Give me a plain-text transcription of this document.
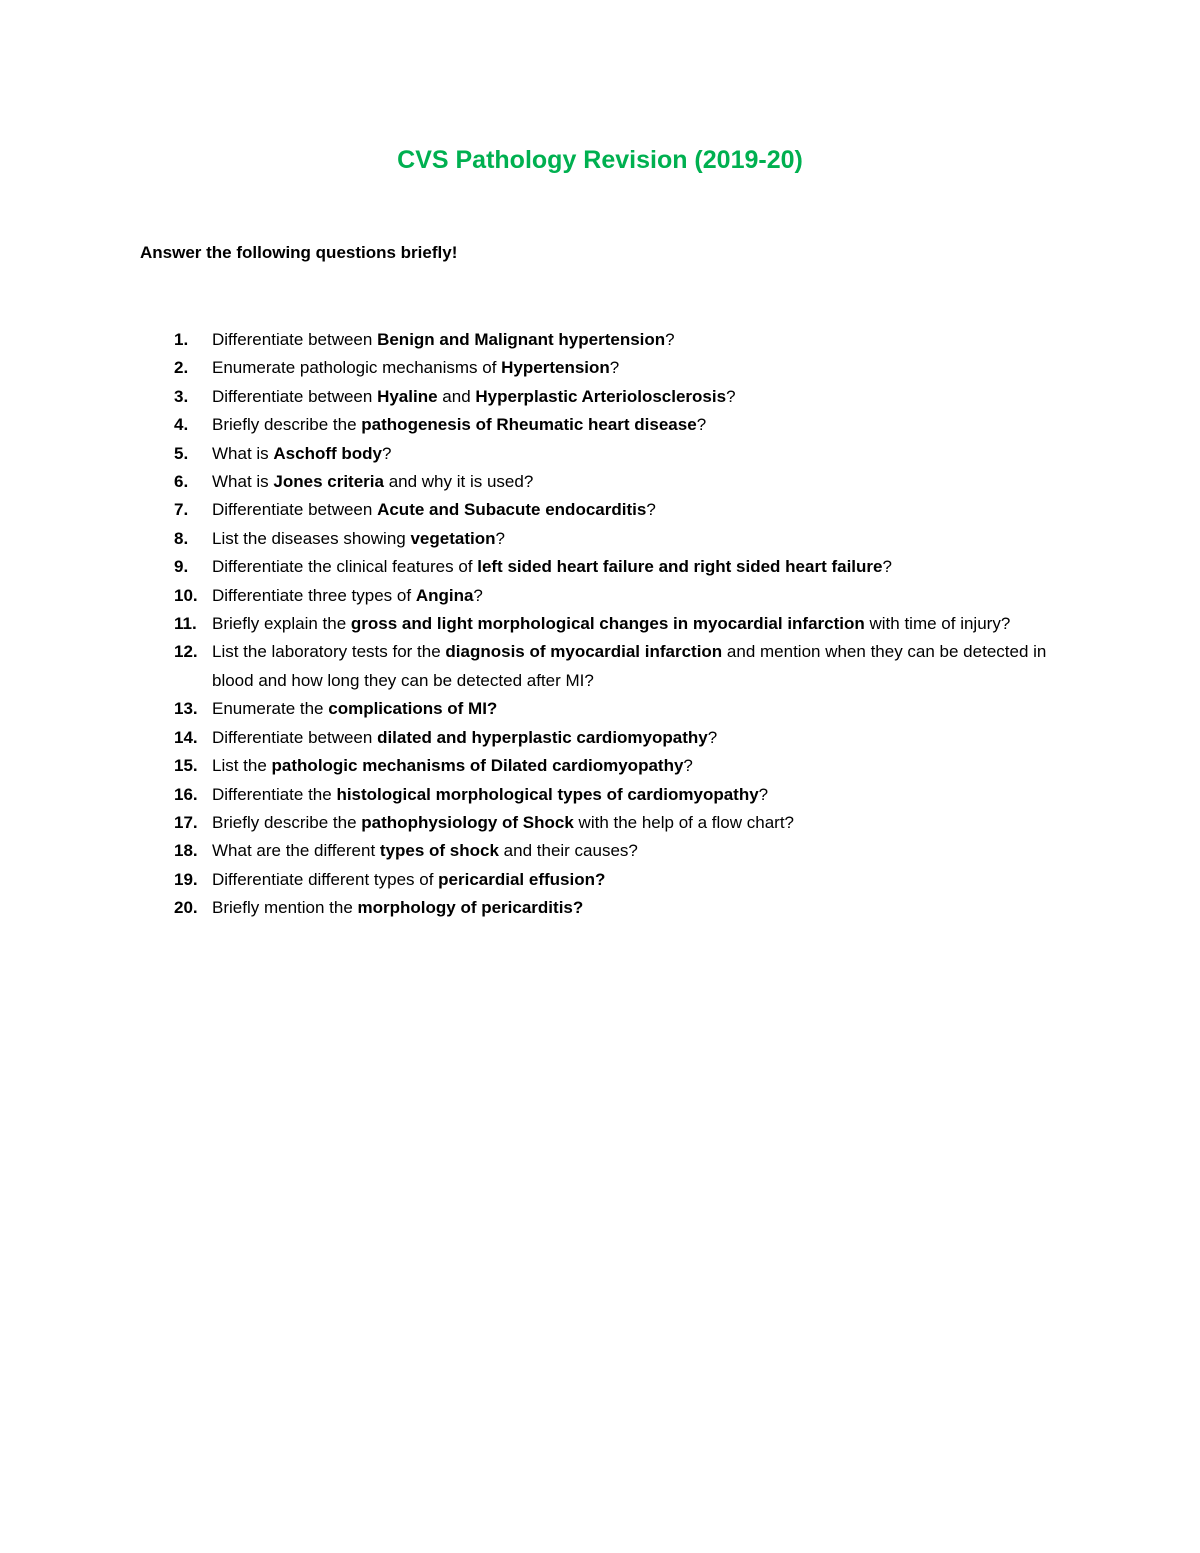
CVS Pathology Revision (2019-20)
Answer the following questions briefly!
1. Differentiate between Benign and Malignant hypertension?
2. Enumerate pathologic mechanisms of Hypertension?
3. Differentiate between Hyaline and Hyperplastic Arteriolosclerosis?
4. Briefly describe the pathogenesis of Rheumatic heart disease?
5. What is Aschoff body?
6. What is Jones criteria and why it is used?
7. Differentiate between Acute and Subacute endocarditis?
8. List the diseases showing vegetation?
9. Differentiate the clinical features of left sided heart failure and right sided heart failure?
10. Differentiate three types of Angina?
11. Briefly explain the gross and light morphological changes in myocardial infarction with time of injury?
12. List the laboratory tests for the diagnosis of myocardial infarction and mention when they can be detected in blood and how long they can be detected after MI?
13. Enumerate the complications of MI?
14. Differentiate between dilated and hyperplastic cardiomyopathy?
15. List the pathologic mechanisms of Dilated cardiomyopathy?
16. Differentiate the histological morphological types of cardiomyopathy?
17. Briefly describe the pathophysiology of Shock with the help of a flow chart?
18. What are the different types of shock and their causes?
19. Differentiate different types of pericardial effusion?
20. Briefly mention the morphology of pericarditis?
